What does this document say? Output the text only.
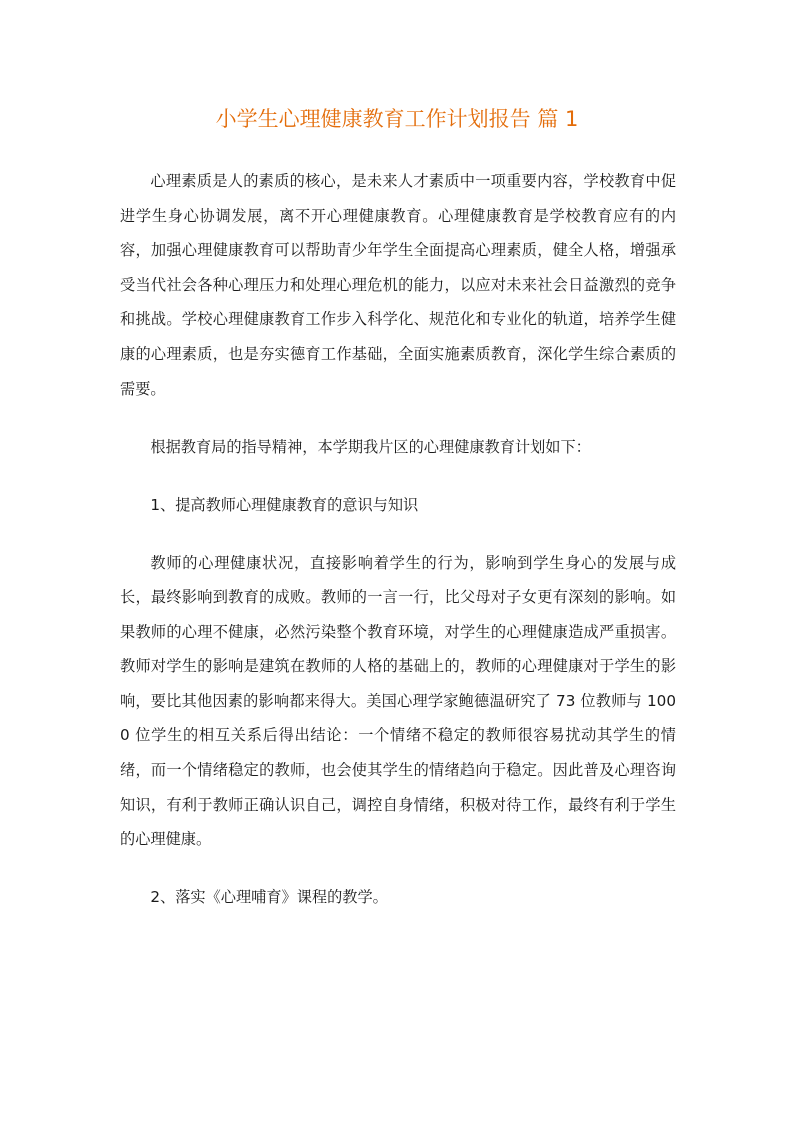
小学生心理健康教育工作计划报告 篇 1

心理素质是人的素质的核心，是未来人才素质中一项重要内容，学校教育中促进学生身心协调发展，离不开心理健康教育。心理健康教育是学校教育应有的内容，加强心理健康教育可以帮助青少年学生全面提高心理素质，健全人格，增强承受当代社会各种心理压力和处理心理危机的能力，以应对未来社会日益激烈的竞争和挑战。学校心理健康教育工作步入科学化、规范化和专业化的轨道，培养学生健康的心理素质，也是夯实德育工作基础，全面实施素质教育，深化学生综合素质的需要。

根据教育局的指导精神，本学期我片区的心理健康教育计划如下：

1、提高教师心理健康教育的意识与知识

教师的心理健康状况，直接影响着学生的行为，影响到学生身心的发展与成长，最终影响到教育的成败。教师的一言一行，比父母对子女更有深刻的影响。如果教师的心理不健康，必然污染整个教育环境，对学生的心理健康造成严重损害。教师对学生的影响是建筑在教师的人格的基础上的，教师的心理健康对于学生的影响，要比其他因素的影响都来得大。美国心理学家鲍德温研究了 73 位教师与 1000 位学生的相互关系后得出结论：一个情绪不稳定的教师很容易扰动其学生的情绪，而一个情绪稳定的教师，也会使其学生的情绪趋向于稳定。因此普及心理咨询知识，有利于教师正确认识自己，调控自身情绪，积极对待工作，最终有利于学生的心理健康。

2、落实《心理哺育》课程的教学。
